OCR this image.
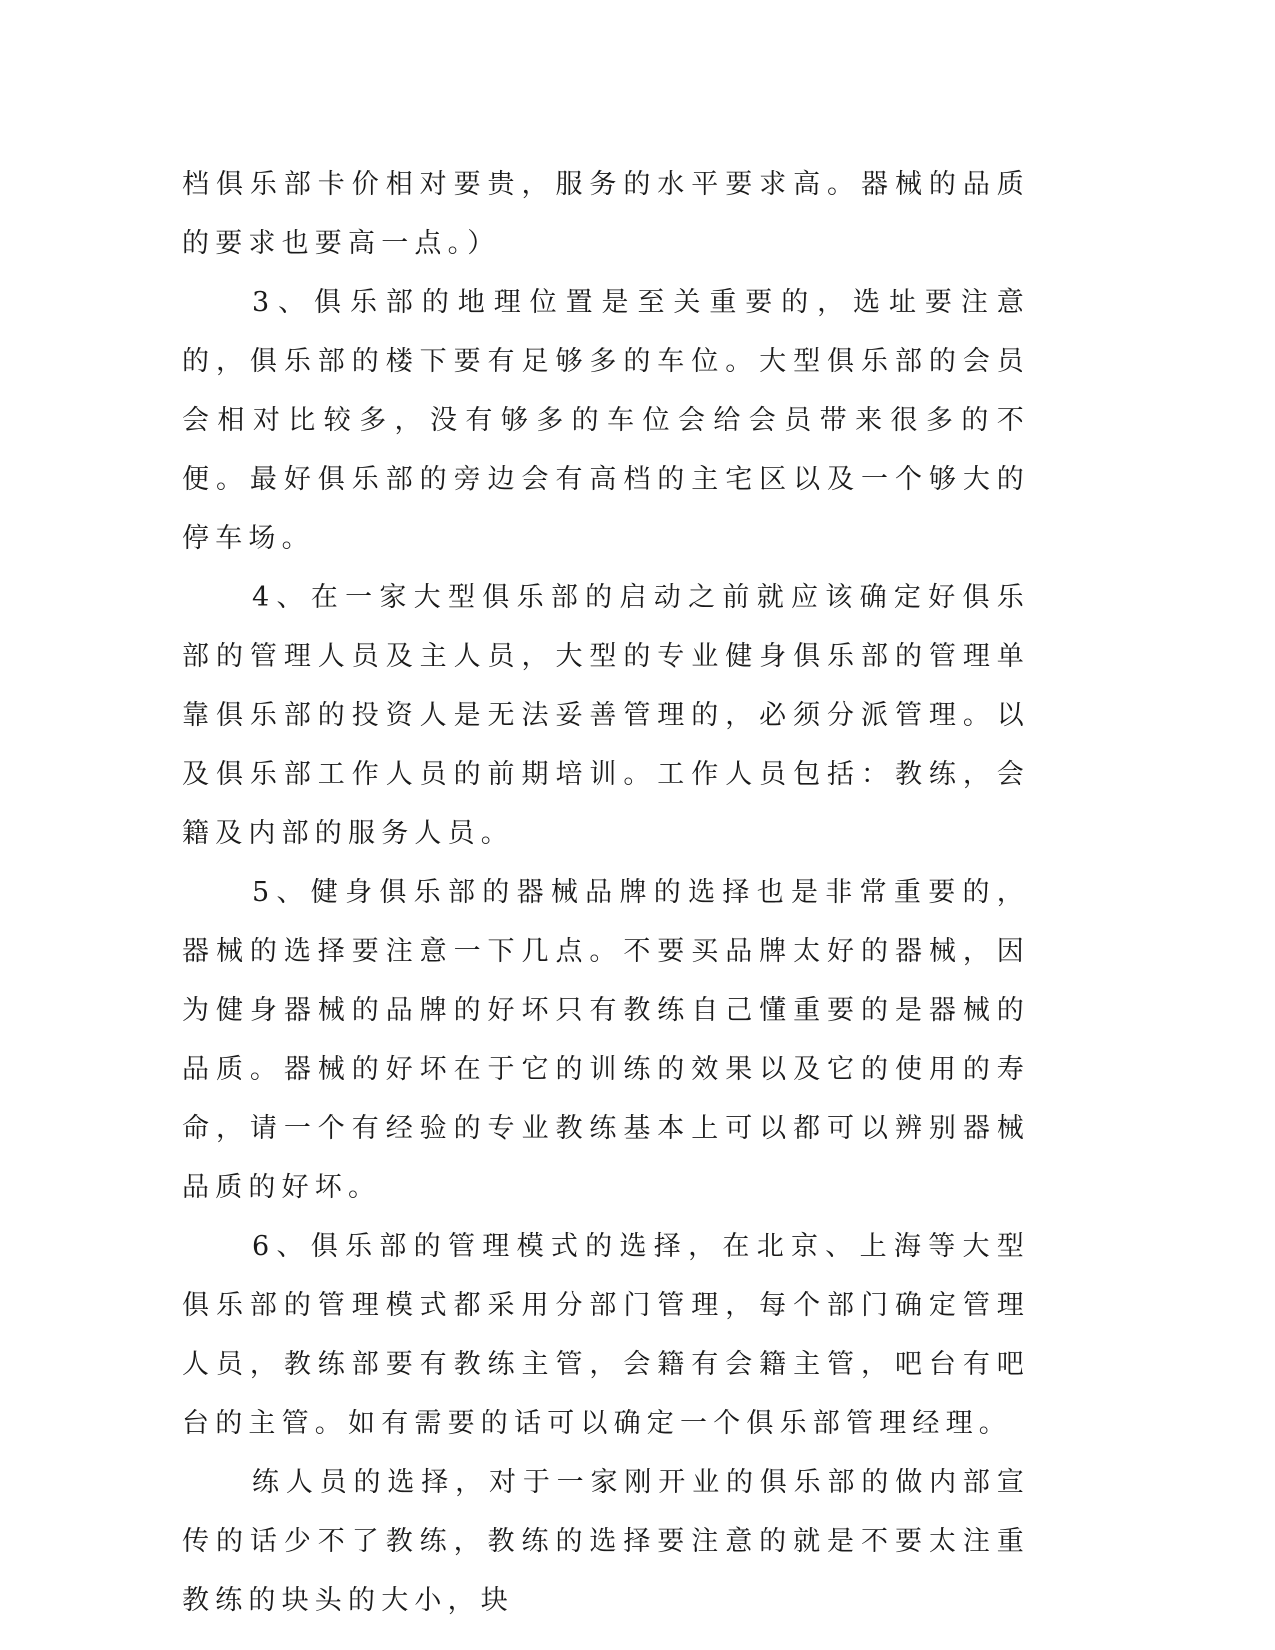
档俱乐部卡价相对要贵，服务的水平要求高。器械的品质的要求也要高一点。）

3、俱乐部的地理位置是至关重要的，选址要注意的，俱乐部的楼下要有足够多的车位。大型俱乐部的会员会相对比较多，没有够多的车位会给会员带来很多的不便。最好俱乐部的旁边会有高档的主宅区以及一个够大的停车场。

4、在一家大型俱乐部的启动之前就应该确定好俱乐部的管理人员及主人员，大型的专业健身俱乐部的管理单靠俱乐部的投资人是无法妥善管理的，必须分派管理。以及俱乐部工作人员的前期培训。工作人员包括：教练，会籍及内部的服务人员。

5、健身俱乐部的器械品牌的选择也是非常重要的，器械的选择要注意一下几点。不要买品牌太好的器械，因为健身器械的品牌的好坏只有教练自己懂重要的是器械的品质。器械的好坏在于它的训练的效果以及它的使用的寿命，请一个有经验的专业教练基本上可以都可以辨别器械品质的好坏。

6、俱乐部的管理模式的选择，在北京、上海等大型俱乐部的管理模式都采用分部门管理，每个部门确定管理人员，教练部要有教练主管，会籍有会籍主管，吧台有吧台的主管。如有需要的话可以确定一个俱乐部管理经理。

练人员的选择，对于一家刚开业的俱乐部的做内部宣传的话少不了教练，教练的选择要注意的就是不要太注重教练的块头的大小，块
